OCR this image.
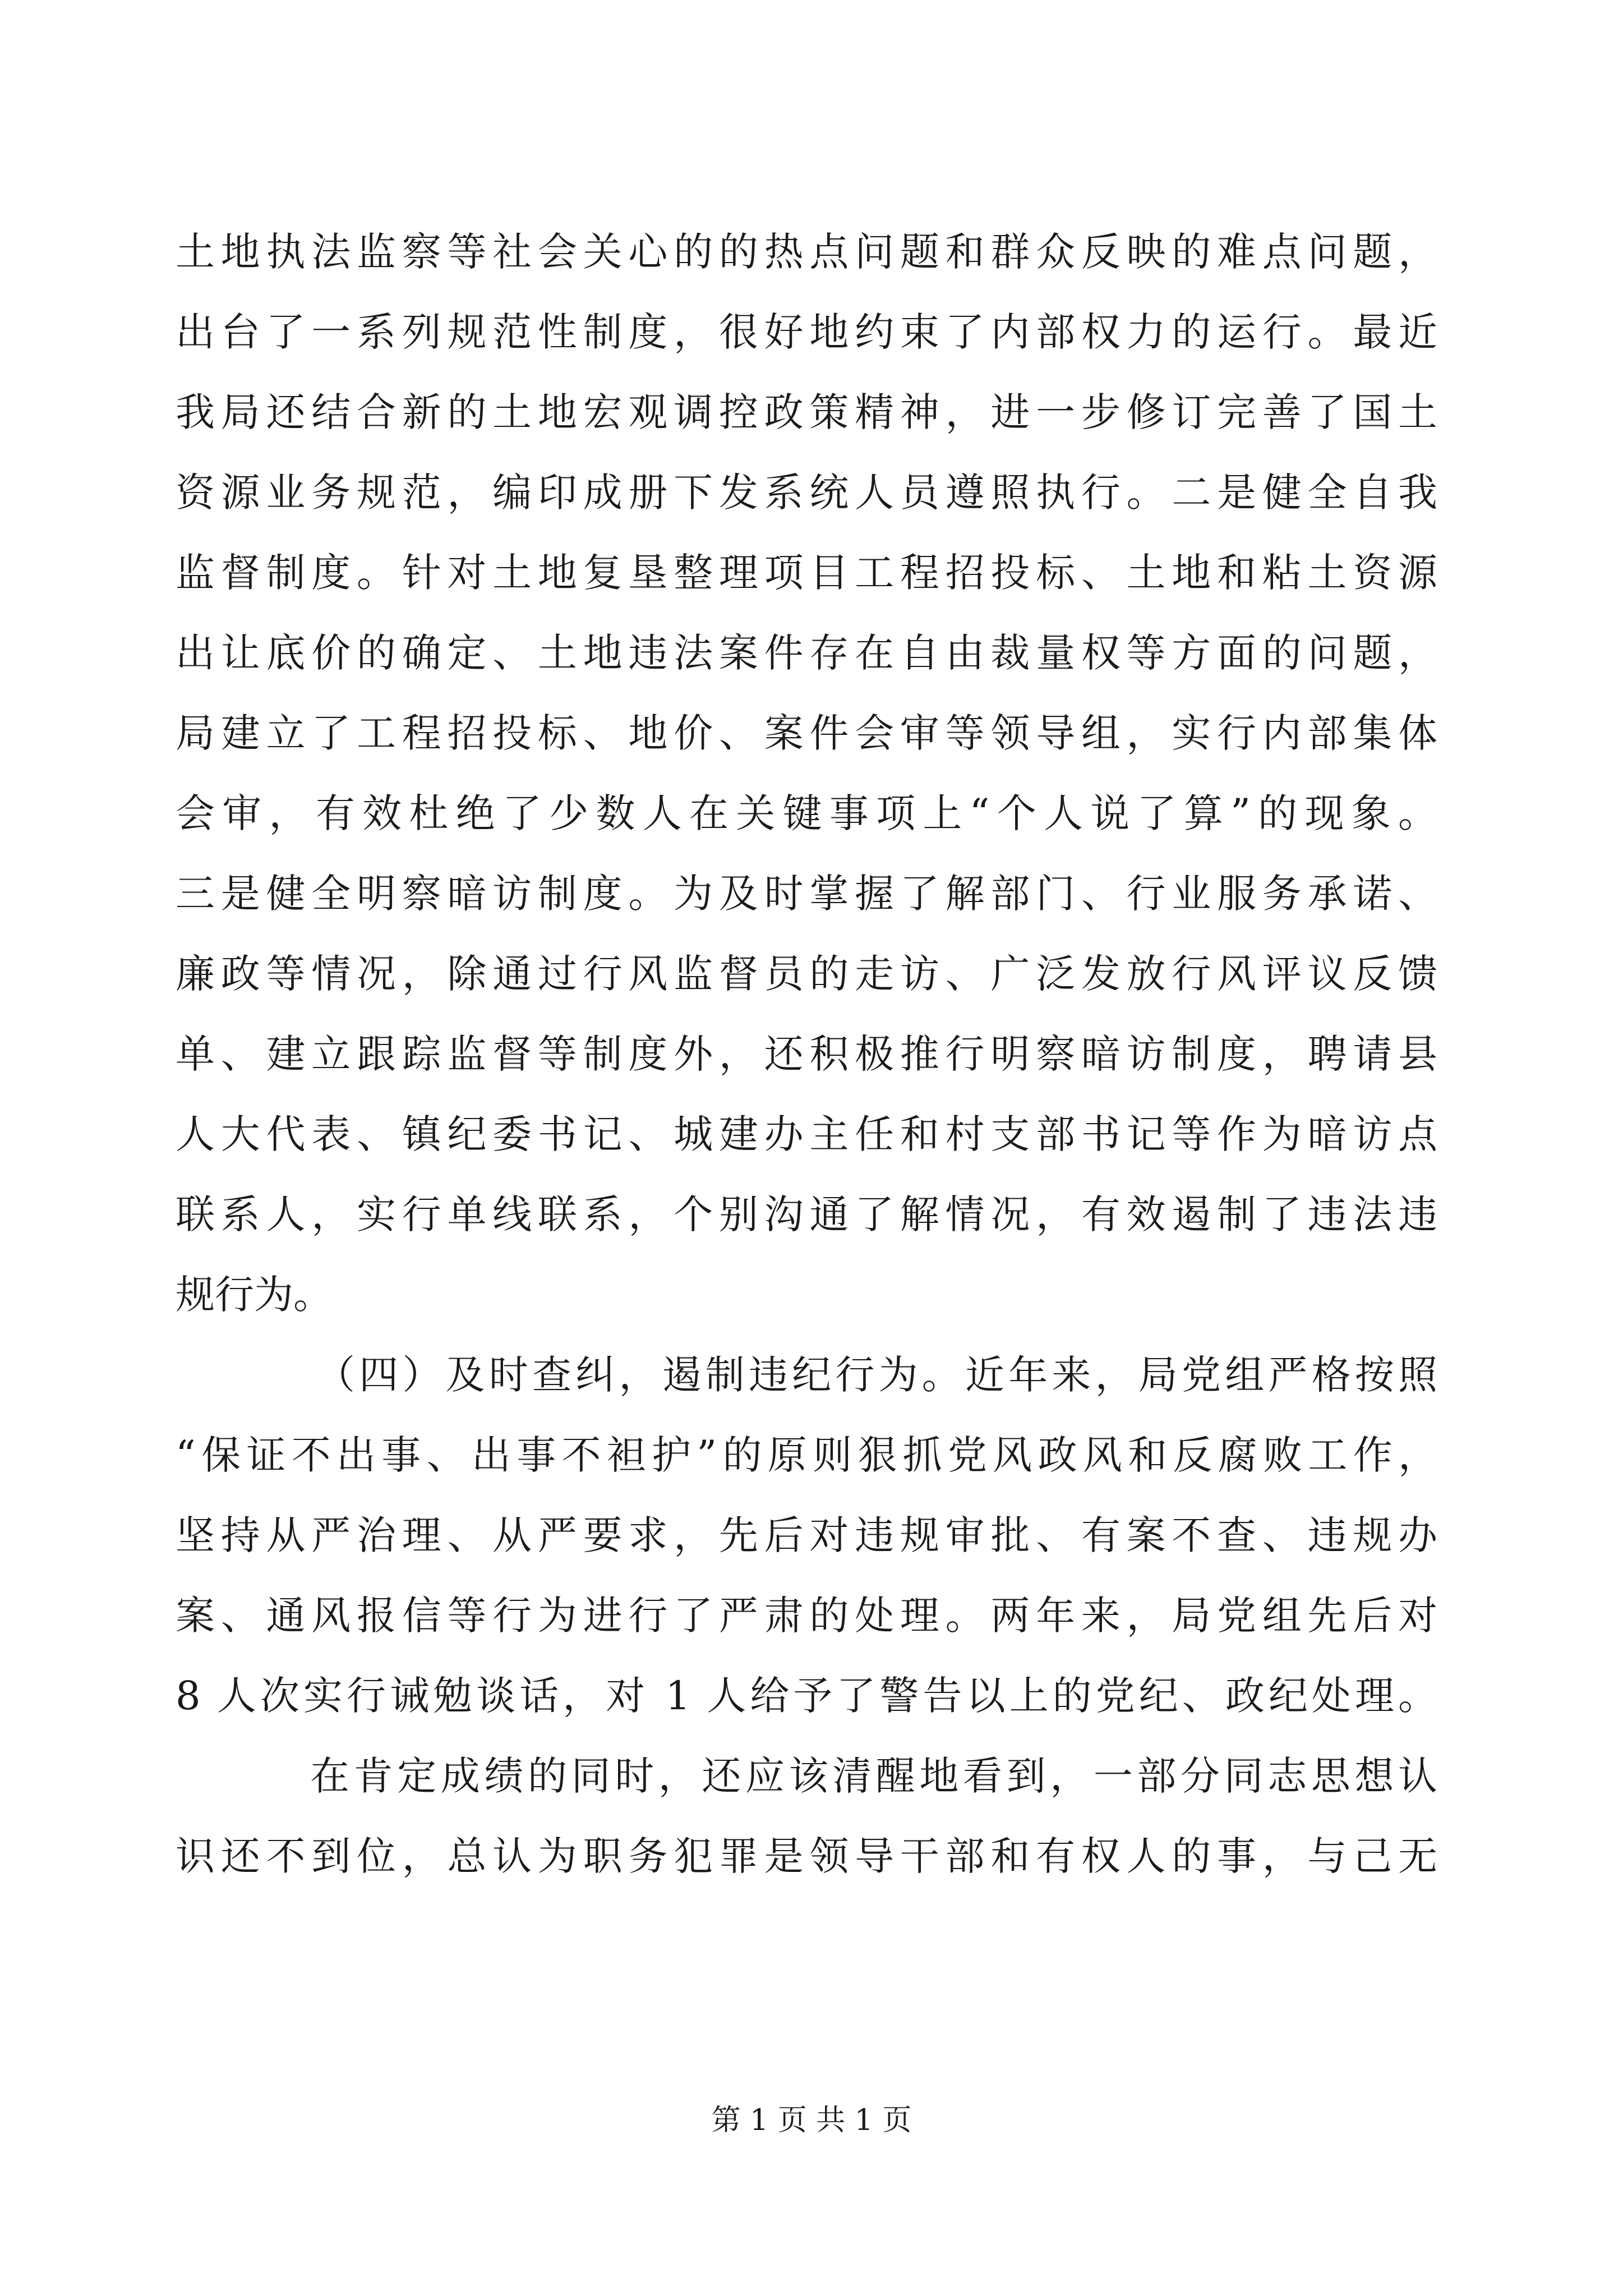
土地执法监察等社会关心的的热点问题和群众反映的难点问题，
出台了一系列规范性制度，很好地约束了内部权力的运行。最近
我局还结合新的土地宏观调控政策精神，进一步修订完善了国土
资源业务规范，编印成册下发系统人员遵照执行。二是健全自我
监督制度。针对土地复垦整理项目工程招投标、土地和粘土资源
出让底价的确定、土地违法案件存在自由裁量权等方面的问题，
局建立了工程招投标、地价、案件会审等领导组，实行内部集体
会审，有效杜绝了少数人在关键事项上“个人说了算”的现象。
三是健全明察暗访制度。为及时掌握了解部门、行业服务承诺、
廉政等情况，除通过行风监督员的走访、广泛发放行风评议反馈
单、建立跟踪监督等制度外，还积极推行明察暗访制度，聘请县
人大代表、镇纪委书记、城建办主任和村支部书记等作为暗访点
联系人，实行单线联系，个别沟通了解情况，有效遏制了违法违
规行为。
（四）及时查纠，遏制违纪行为。近年来，局党组严格按照
“保证不出事、出事不袒护”的原则狠抓党风政风和反腐败工作，
坚持从严治理、从严要求，先后对违规审批、有案不查、违规办
案、通风报信等行为进行了严肃的处理。两年来，局党组先后对
8 人次实行诫勉谈话，对 1 人给予了警告以上的党纪、政纪处理。
在肯定成绩的同时，还应该清醒地看到，一部分同志思想认
识还不到位，总认为职务犯罪是领导干部和有权人的事，与己无
第 1 页 共 1 页
